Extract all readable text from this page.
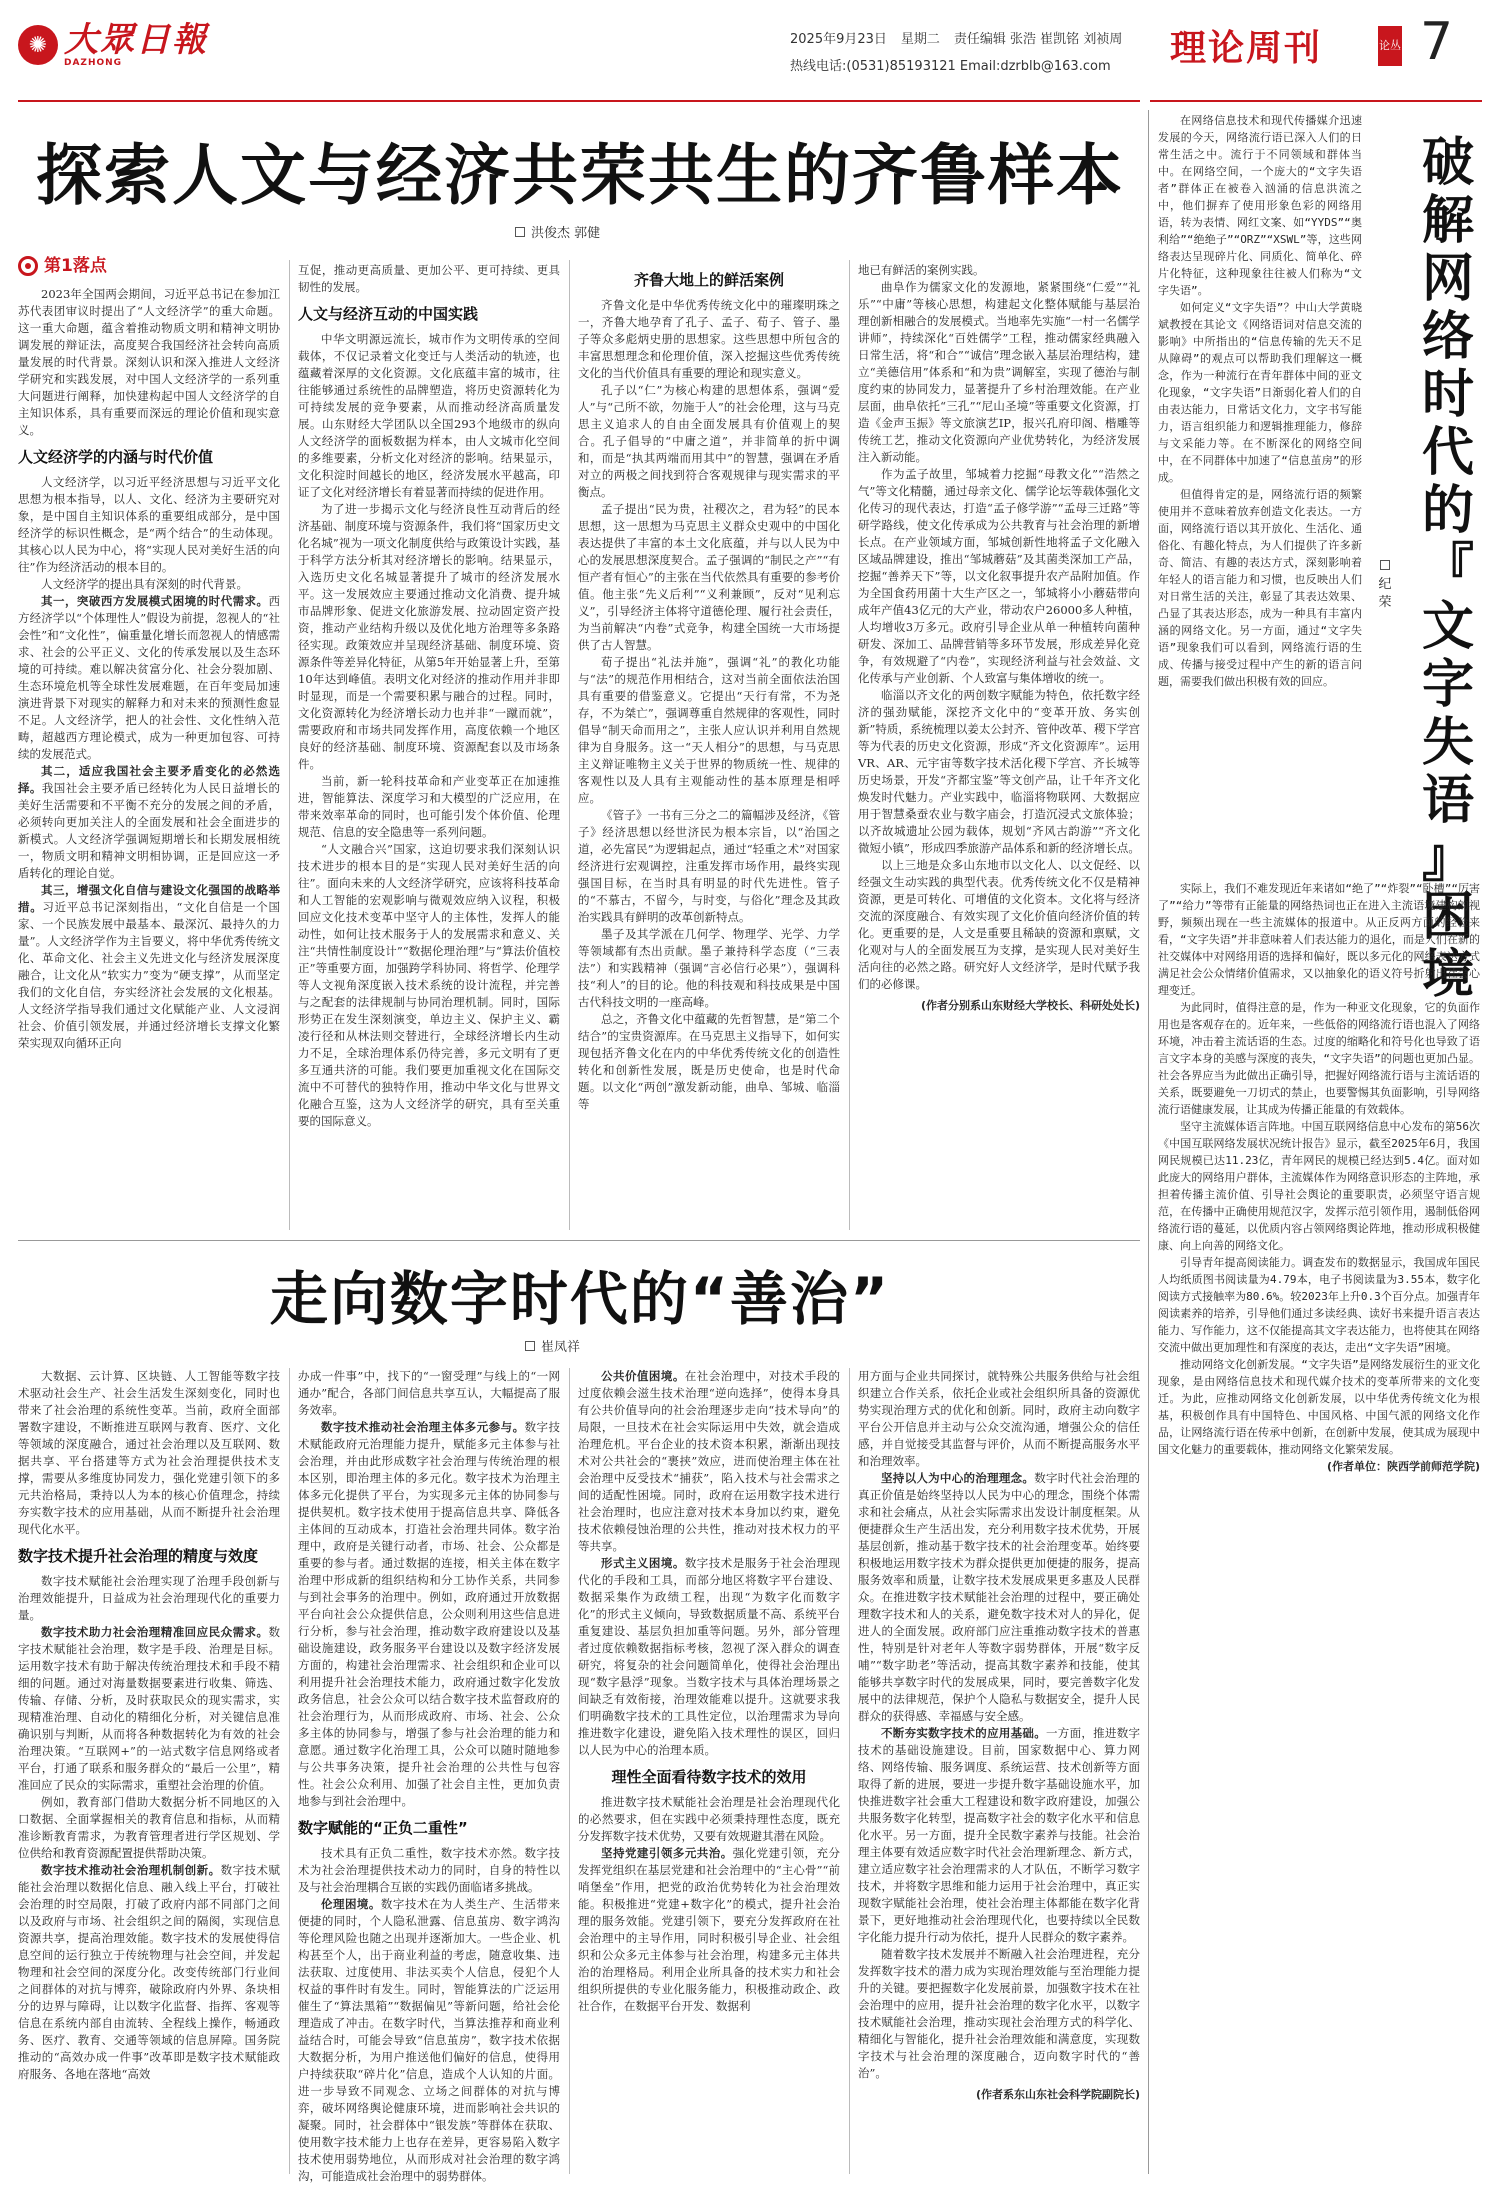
✺ 大眾日報
DAZHONG
2025年9月23日 星期二 责任编辑 张浩 崔凯铭 刘祯周
热线电话:(0531)85193121 Email:dzrblb@163.com	理论周刊	论丛 7
探索人文与经济共荣共生的齐鲁样本
洪俊杰 郭健
第1落点

2023年全国两会期间，习近平总书记在参加江苏代表团审议时提出了“人文经济学”的重大命题。这一重大命题，蕴含着推动物质文明和精神文明协调发展的辩证法，高度契合我国经济社会转向高质量发展的时代背景。深刻认识和深入推进人文经济学研究和实践发展，对中国人文经济学的一系列重大问题进行阐释，加快建构起中国人文经济学的自主知识体系，具有重要而深远的理论价值和现实意义。

人文经济学的内涵与时代价值

人文经济学，以习近平经济思想与习近平文化思想为根本指导，以人、文化、经济为主要研究对象，是中国自主知识体系的重要组成部分，是中国经济学的标识性概念，是“两个结合”的生动体现。其核心以人民为中心，将“实现人民对美好生活的向往”作为经济活动的根本目的。

人文经济学的提出具有深刻的时代背景。

其一，突破西方发展模式困境的时代需求。西方经济学以“个体理性人”假设为前提，忽视人的“社会性”和“文化性”，偏重量化增长而忽视人的情感需求、社会的公平正义、文化的传承发展以及生态环境的可持续。难以解决贫富分化、社会分裂加剧、生态环境危机等全球性发展难题，在百年变局加速演进背景下对现实的解释力和对未来的预测性愈显不足。人文经济学，把人的社会性、文化性纳入范畴，超越西方理论模式，成为一种更加包容、可持续的发展范式。

其二，适应我国社会主要矛盾变化的必然选择。我国社会主要矛盾已经转化为人民日益增长的美好生活需要和不平衡不充分的发展之间的矛盾，必须转向更加关注人的全面发展和社会全面进步的新模式。人文经济学强调短期增长和长期发展相统一，物质文明和精神文明相协调，正是回应这一矛盾转化的理论自觉。

其三，增强文化自信与建设文化强国的战略举措。习近平总书记深刻指出，“文化自信是一个国家、一个民族发展中最基本、最深沉、最持久的力量”。人文经济学作为主旨要义，将中华优秀传统文化、革命文化、社会主义先进文化与经济发展深度融合，让文化从“软实力”变为“硬支撑”，从而坚定我们的文化自信，夯实经济社会发展的文化根基。人文经济学指导我们通过文化赋能产业、人文浸润社会、价值引领发展，并通过经济增长支撑文化繁荣实现双向循环正向

互促，推动更高质量、更加公平、更可持续、更具韧性的发展。

人文与经济互动的中国实践

中华文明源远流长，城市作为文明传承的空间载体，不仅记录着文化变迁与人类活动的轨迹，也蕴藏着深厚的文化资源。文化底蕴丰富的城市，往往能够通过系统性的品牌塑造，将历史资源转化为可持续发展的竞争要素，从而推动经济高质量发展。山东财经大学团队以全国293个地级市的纵向人文经济学的面板数据为样本，由人文城市化空间的多维要素，分析文化对经济的影响。结果显示，文化积淀时间越长的地区，经济发展水平越高，印证了文化对经济增长有着显著而持续的促进作用。

为了进一步揭示文化与经济良性互动背后的经济基础、制度环境与资源条件，我们将“国家历史文化名城”视为一项文化制度供给与政策设计实践，基于科学方法分析其对经济增长的影响。结果显示，入选历史文化名城显著提升了城市的经济发展水平。这一发展效应主要通过推动文化消费、提升城市品牌形象、促进文化旅游发展、拉动固定资产投资，推动产业结构升级以及优化地方治理等多条路径实现。政策效应并呈现经济基础、制度环境、资源条件等差异化特征，从第5年开始显著上升，至第10年达到峰值。表明文化对经济的推动作用并非即时显现，而是一个需要积累与融合的过程。同时，文化资源转化为经济增长动力也并非“一蹴而就”，需要政府和市场共同发挥作用，高度依赖一个地区良好的经济基础、制度环境、资源配套以及市场条件。

当前，新一轮科技革命和产业变革正在加速推进，智能算法、深度学习和大模型的广泛应用，在带来效率革命的同时，也可能引发个体价值、伦理规范、信息的安全隐患等一系列问题。

“人文融合兴”国家，这迫切要求我们深刻认识技术进步的根本目的是“实现人民对美好生活的向往”。面向未来的人文经济学研究，应该将科技革命和人工智能的宏观影响与微观效应纳入议程，积极回应文化技术变革中坚守人的主体性，发挥人的能动性，如何让技术服务于人的发展需求和意义、关注“共情性制度设计”“数据伦理治理”与“算法价值校正”等重要方面，加强跨学科协同、将哲学、伦理学等人文视角深度嵌入技术系统的设计流程，并完善与之配套的法律规制与协同治理机制。同时，国际形势正在发生深刻演变，单边主义、保护主义、霸凌行径和从林法则交替进行，全球经济增长内生动力不足，全球治理体系仍待完善，多元文明有了更多互通共济的可能。我们要更加重视文化在国际交流中不可替代的独特作用，推动中华文化与世界文化融合互鉴，这为人文经济学的研究，具有至关重要的国际意义。

齐鲁大地上的鲜活案例

齐鲁文化是中华优秀传统文化中的璀璨明珠之一，齐鲁大地孕育了孔子、孟子、荀子、管子、墨子等众多彪炳史册的思想家。这些思想中所包含的丰富思想理念和伦理价值，深入挖掘这些优秀传统文化的当代价值具有重要的理论和现实意义。

孔子以“仁”为核心构建的思想体系，强调“爱人”与“己所不欲，勿施于人”的社会伦理，这与马克思主义追求人的自由全面发展具有价值观上的契合。孔子倡导的“中庸之道”，并非简单的折中调和，而是“执其两端而用其中”的智慧，强调在矛盾对立的两极之间找到符合客观规律与现实需求的平衡点。

孟子提出“民为贵，社稷次之，君为轻”的民本思想，这一思想为马克思主义群众史观中的中国化表达提供了丰富的本土文化底蕴，并与以人民为中心的发展思想深度契合。孟子强调的“制民之产”“有恒产者有恒心”的主张在当代依然具有重要的参考价值。他主张“先义后利”“义利兼顾”，反对“见利忘义”，引导经济主体将守道德伦理、履行社会责任，为当前解决“内卷”式竞争，构建全国统一大市场提供了古人智慧。

荀子提出“礼法并施”，强调“礼”的教化功能与“法”的规范作用相结合，这对当前全面依法治国具有重要的借鉴意义。它提出“天行有常，不为尧存，不为桀亡”，强调尊重自然规律的客观性，同时倡导“制天命而用之”，主张人应认识并利用自然规律为自身服务。这一“天人相分”的思想，与马克思主义辩证唯物主义关于世界的物质统一性、规律的客观性以及人具有主观能动性的基本原理是相呼应。

《管子》一书有三分之二的篇幅涉及经济，《管子》经济思想以经世济民为根本宗旨，以“治国之道，必先富民”为逻辑起点，通过“轻重之术”对国家经济进行宏观调控，注重发挥市场作用，最终实现强国目标，在当时具有明显的时代先进性。管子的“不慕古，不留今，与时变，与俗化”理念及其政治实践具有鲜明的改革创新特点。

墨子及其学派在几何学、物理学、光学、力学等领域都有杰出贡献。墨子兼持科学态度（“三表法”）和实践精神（强调“言必信行必果”），强调科技“利人”的目的论。他的科技观和科技成果是中国古代科技文明的一座高峰。

总之，齐鲁文化中蕴藏的先哲智慧，是“第二个结合”的宝贵资源库。在马克思主义指导下，如何实现包括齐鲁文化在内的中华优秀传统文化的创造性转化和创新性发展，既是历史使命，也是时代命题。以文化“两创”激发新动能，曲阜、邹城、临淄等

地已有鲜活的案例实践。

曲阜作为儒家文化的发源地，紧紧围绕“仁爱”“礼乐”“中庸”等核心思想，构建起文化整体赋能与基层治理创新相融合的发展模式。当地率先实施“一村一名儒学讲师”，持续深化“百姓儒学”工程，推动儒家经典融入日常生活，将“和合”“诚信”理念嵌入基层治理结构，建立“美德信用”体系和“和为贵”调解室，实现了德治与制度约束的协同发力，显著提升了乡村治理效能。在产业层面，曲阜依托“三孔”“尼山圣境”等重要文化资源，打造《金声玉振》等文旅演艺IP，报兴孔府印阁、楷雕等传统工艺，推动文化资源向产业优势转化，为经济发展注入新动能。

作为孟子故里，邹城着力挖掘“母教文化”“浩然之气”等文化精髓，通过母亲文化、儒学论坛等载体强化文化传习的现代表达，打造“孟子修学游”“孟母三迁路”等研学路线，使文化传承成为公共教育与社会治理的新增长点。在产业领域方面，邹城创新性地将孟子文化融入区域品牌建设，推出“邹城蘑菇”及其菌类深加工产品，挖掘“善养天下”等，以文化叙事提升农产品附加值。作为全国食药用菌十大生产区之一，邹城将小小蘑菇带向成年产值43亿元的大产业，带动农户26000多人种植，人均增收3万多元。政府引导企业从单一种植转向菌种研发、深加工、品牌营销等多环节发展，形成差异化竞争，有效规避了“内卷”，实现经济利益与社会效益、文化传承与产业创新、个人致富与集体增收的统一。

临淄以齐文化的两创数字赋能为特色，依托数字经济的强劲赋能，深挖齐文化中的“变革开放、务实创新”特质，系统梳理以姜太公封齐、管仲改革、稷下学宫等为代表的历史文化资源，形成“齐文化资源库”。运用VR、AR、元宇宙等数字技术活化稷下学宫、齐长城等历史场景，开发“齐都宝鉴”等文创产品，让千年齐文化焕发时代魅力。产业实践中，临淄将物联网、大数据应用于智慧桑蚕农业与数字庙会，打造沉浸式文旅体验；以齐故城遗址公园为载体，规划“齐风古韵游”“齐文化微短小镇”，形成四季旅游产品体系和新的经济增长点。

以上三地是众多山东地市以文化人、以文促经、以经强文生动实践的典型代表。优秀传统文化不仅是精神资源，更是可转化、可增值的文化资本。文化将与经济交流的深度融合、有效实现了文化价值向经济价值的转化。更重要的是，人文是重要且稀缺的资源和禀赋，文化观对与人的全面发展互为支撑，是实现人民对美好生活向往的必然之路。研究好人文经济学，是时代赋予我们的必修课。

(作者分别系山东财经大学校长、科研处处长)
走向数字时代的“善治”
崔凤祥

大数据、云计算、区块链、人工智能等数字技术驱动社会生产、社会生活发生深刻变化，同时也带来了社会治理的系统性变革。当前，政府全面部署数字建设，不断推进互联网与教育、医疗、文化等领域的深度融合，通过社会治理以及互联网、数据共享、平台搭建等方式为社会治理提供技术支撑，需要从多维度协同发力，强化党建引领下的多元共治格局，秉持以人为本的核心价值理念，持续夯实数字技术的应用基础，从而不断提升社会治理现代化水平。

数字技术提升社会治理的精度与效度

数字技术赋能社会治理实现了治理手段创新与治理效能提升，日益成为社会治理现代化的重要力量。

数字技术助力社会治理精准回应民众需求。数字技术赋能社会治理，数字是手段、治理是目标。运用数字技术有助于解决传统治理技术和手段不精细的问题。通过对海量数据要素进行收集、筛选、传输、存储、分析，及时获取民众的现实需求，实现精准治理、自动化的精细化分析，对关键信息准确识别与判断，从而将各种数据转化为有效的社会治理决策。“互联网+”的一站式数字信息网络或者平台，打通了联系和服务群众的“最后一公里”，精准回应了民众的实际需求，重塑社会治理的价值。

例如，教育部门借助大数据分析不同地区的入口数据、全面掌握相关的教育信息和指标，从而精准诊断教育需求，为教育管理者进行学区规划、学位供给和教育资源配置提供帮助决策。

数字技术推动社会治理机制创新。数字技术赋能社会治理以数据化信息、融入线上平台，打破社会治理的时空局限，打破了政府内部不同部门之间以及政府与市场、社会组织之间的隔阂，实现信息资源共享，提高治理效能。数字技术的发展使得信息空间的运行独立于传统物理与社会空间，并发起物理和社会空间的深度分化。改变传统部门行业间之间群体的对抗与博弈，破除政府内外界、条块相分的边界与障碍，让以数字化监督、指挥、客观等信息在系统内部自由流转、全程线上操作，畅通政务、医疗、教育、交通等领域的信息屏障。国务院推动的“高效办成一件事”改革即是数字技术赋能政府服务、各地在落地“高效

办成一件事”中，找下的“一窗受理”与线上的“一网通办”配合，各部门间信息共享互认，大幅提高了服务效率。

数字技术推动社会治理主体多元参与。数字技术赋能政府元治理能力提升，赋能多元主体参与社会治理，并由此形成数字社会治理与传统治理的根本区别，即治理主体的多元化。数字技术为治理主体多元化提供了平台，为实现多元主体的协同参与提供契机。数字技术使用于提高信息共享、降低各主体间的互动成本，打造社会治理共同体。数字治理中，政府是关键行动者，市场、社会、公众都是重要的参与者。通过数据的连接，相关主体在数字治理中形成新的组织结构和分工协作关系，共同参与到社会事务的治理中。例如，政府通过开放数据平台向社会公众提供信息，公众则利用这些信息进行分析，参与社会治理，推动数字政府建设以及基础设施建设，政务服务平台建设以及数字经济发展方面的，构建社会治理需求、社会组织和企业可以利用提升社会治理技术能力，政府通过数字化发放政务信息，社会公众可以结合数字技术监督政府的社会治理行为，从而形成政府、市场、社会、公众多主体的协同参与，增强了参与社会治理的能力和意愿。通过数字化治理工具，公众可以随时随地参与公共事务决策，提升社会治理的公共性与包容性。社会公众利用、加强了社会自主性，更加负责地参与到社会治理中。

数字赋能的“正负二重性”

技术具有正负二重性，数字技术亦然。数字技术为社会治理提供技术动力的同时，自身的特性以及与社会治理耦合互嵌的实践仍面临诸多挑战。

伦理困境。数字技术在为人类生产、生活带来便捷的同时，个人隐私泄露、信息茧房、数字鸿沟等伦理风险也随之出现并逐渐加大。一些企业、机构甚至个人，出于商业利益的考虑，随意收集、违法获取、过度使用、非法买卖个人信息，侵犯个人权益的事件时有发生。同时，智能算法的广泛运用催生了“算法黑箱”“数据偏见”等新问题，给社会伦理造成了冲击。在数字时代，当算法推荐和商业利益结合时，可能会导致“信息茧房”，数字技术依据大数据分析，为用户推送他们偏好的信息，使得用户持续获取“碎片化”信息，造成个人认知的片面。进一步导致不同观念、立场之间群体的对抗与博弈，破坏网络舆论健康环境，进而影响社会共识的凝聚。同时，社会群体中“银发族”等群体在获取、使用数字技术能力上也存在差异，更容易陷入数字技术使用弱势地位，从而形成对社会治理的数字鸿沟，可能造成社会治理中的弱势群体。

公共价值困境。在社会治理中，对技术手段的过度依赖会滋生技术治理“逆向选择”，使得本身具有公共价值导向的社会治理逐步走向“技术导向”的局限，一旦技术在社会实际运用中失效，就会造成治理危机。平台企业的技术资本积累，渐渐出现技术对公共社会的“裹挟”效应，进而使治理主体在社会治理中反受技术“捕获”，陷入技术与社会需求之间的适配性困境。同时，政府在运用数字技术进行社会治理时，也应注意对技术本身加以约束，避免技术依赖侵蚀治理的公共性，推动对技术权力的平等共享。

形式主义困境。数字技术是服务于社会治理现代化的手段和工具，而部分地区将数字平台建设、数据采集作为政绩工程，出现“为数字化而数字化”的形式主义倾向，导致数据质量不高、系统平台重复建设、基层负担加重等问题。另外，部分管理者过度依赖数据指标考核，忽视了深入群众的调查研究，将复杂的社会问题简单化，使得社会治理出现“数字悬浮”现象。当数字技术与具体治理场景之间缺乏有效衔接，治理效能难以提升。这就要求我们明确数字技术的工具性定位，以治理需求为导向推进数字化建设，避免陷入技术理性的误区，回归以人民为中心的治理本质。

理性全面看待数字技术的效用

推进数字技术赋能社会治理是社会治理现代化的必然要求，但在实践中必须秉持理性态度，既充分发挥数字技术优势，又要有效规避其潜在风险。

坚持党建引领多元共治。强化党建引领，充分发挥党组织在基层党建和社会治理中的“主心骨”“前哨堡垒”作用，把党的政治优势转化为社会治理效能。积极推进“党建+数字化”的模式，提升社会治理的服务效能。党建引领下，要充分发挥政府在社会治理中的主导作用，同时积极引导企业、社会组织和公众多元主体参与社会治理，构建多元主体共治的治理格局。利用企业所具备的技术实力和社会组织所提供的专业化服务能力，积极推动政企、政社合作，在数据平台开发、数据利

用方面与企业共同探讨，就特殊公共服务供给与社会组织建立合作关系，依托企业或社会组织所具备的资源优势实现治理方式的优化和创新。同时，政府主动向数字平台公开信息并主动与公众交流沟通，增强公众的信任感，并自觉接受其监督与评价，从而不断提高服务水平和治理效率。

坚持以人为中心的治理理念。数字时代社会治理的真正价值是始终坚持以人民为中心的理念，围绕个体需求和社会痛点，从社会实际需求出发设计制度框架。从便捷群众生产生活出发，充分利用数字技术优势，开展基层创新，推动基于数字技术的社会治理变革。始终要积极地运用数字技术为群众提供更加便捷的服务，提高服务效率和质量，让数字技术发展成果更多惠及人民群众。在推进数字技术赋能社会治理的过程中，要正确处理数字技术和人的关系，避免数字技术对人的异化，促进人的全面发展。政府部门应注重推动数字技术的普惠性，特别是针对老年人等数字弱势群体，开展“数字反哺”“数字助老”等活动，提高其数字素养和技能，使其能够共享数字时代的发展成果，同时，要完善数字化发展中的法律规范，保护个人隐私与数据安全，提升人民群众的获得感、幸福感与安全感。

不断夯实数字技术的应用基础。一方面，推进数字技术的基础设施建设。目前，国家数据中心、算力网络、网络传输、服务调度、系统运营、技术创新等方面取得了新的进展，要进一步提升数字基础设施水平，加快推进数字社会重大工程建设和数字政府建设，加强公共服务数字化转型，提高数字社会的数字化水平和信息化水平。另一方面，提升全民数字素养与技能。社会治理主体要有效适应数字时代社会治理新理念、新方式，建立适应数字社会治理需求的人才队伍，不断学习数字技术，并将数字思维和能力运用于社会治理中，真正实现数字赋能社会治理，使社会治理主体都能在数字化背景下，更好地推动社会治理现代化，也要持续以全民数字化能力提升行动为依托，提升人民群众的数字素养。

随着数字技术发展并不断融入社会治理进程，充分发挥数字技术的潜力成为实现治理效能与至治理能力提升的关键。要把握数字化发展前景，加强数字技术在社会治理中的应用，提升社会治理的数字化水平，以数字技术赋能社会治理，推动实现社会治理方式的科学化、精细化与智能化，提升社会治理效能和满意度，实现数字技术与社会治理的深度融合，迈向数字时代的“善治”。

(作者系东山东社会科学院副院长)
破
解
网
络
时
代
的
『
文
字
失
语
』
困
境
纪
荣

在网络信息技术和现代传播媒介迅速发展的今天，网络流行语已深入人们的日常生活之中。流行于不同领域和群体当中。在网络空间，一个庞大的“文字失语者”群体正在被卷入汹涌的信息洪流之中，他们摒弃了使用形象色彩的网络用语，转为表情、网红文案、如“YYDS”“奥利给”“绝绝子”“ORZ”“XSWL”等，这些网络表达呈现碎片化、同质化、简单化、碎片化特征，这种现象往往被人们称为“文字失语”。

如何定义“文字失语”？中山大学黄晓斌教授在其论文《网络语词对信息交流的影响》中所指出的“信息传输的先天不足从障碍”的观点可以帮助我们理解这一概念，作为一种流行在青年群体中间的亚文化现象，“文字失语”日渐弱化着人们的自由表达能力，日常话文化力，文字书写能力，语言组织能力和逻辑推理能力，修辞与文采能力等。在不断深化的网络空间中，在不同群体中加速了“信息茧房”的形成。

但值得肯定的是，网络流行语的频繁使用并不意味着放弃创造文化表达。一方面，网络流行语以其开放化、生活化、通俗化、有趣化特点，为人们提供了许多新奇、简洁、有趣的表达方式，深刻影响着年轻人的语言能力和习惯，也反映出人们对日常生活的关注，彰显了其表达效果、凸显了其表达形态，成为一种具有丰富内涵的网络文化。另一方面，通过“文字失语”现象我们可以看到，网络流行语的生成、传播与接受过程中产生的新的语言问题，需要我们做出积极有效的回应。

实际上，我们不难发现近年来诸如“绝了”“炸裂”“卧槽”“厉害了”“给力”等带有正能量的网络热词也正在进入主流语境建构的视野，频频出现在一些主流媒体的报道中。从正反两方面的经验来看，“文字失语”并非意味着人们表达能力的退化，而是人们在新的社交媒体中对网络用语的选择和偏好，既以多元化的网络表达方式满足社会公众情绪价值需求，又以抽象化的语义符号折射出社会心理变迁。

为此同时，值得注意的是，作为一种亚文化现象，它的负面作用也是客观存在的。近年来，一些低俗的网络流行语也混入了网络环境，冲击着主流话语的生态。过度的缩略化和符号化也导致了语言文字本身的美感与深度的丧失，“文字失语”的问题也更加凸显。社会各界应当为此做出正确引导，把握好网络流行语与主流话语的关系，既要避免一刀切式的禁止，也要警惕其负面影响，引导网络流行语健康发展，让其成为传播正能量的有效载体。

坚守主流媒体语言阵地。中国互联网络信息中心发布的第56次《中国互联网络发展状况统计报告》显示，截至2025年6月，我国网民规模已达11.23亿，青年网民的规模已经达到5.4亿。面对如此庞大的网络用户群体，主流媒体作为网络意识形态的主阵地，承担着传播主流价值、引导社会舆论的重要职责，必须坚守语言规范，在传播中正确使用规范汉字，发挥示范引领作用，遏制低俗网络流行语的蔓延，以优质内容占领网络舆论阵地，推动形成积极健康、向上向善的网络文化。

引导青年提高阅读能力。调查发布的数据显示，我国成年国民人均纸质图书阅读量为4.79本，电子书阅读量为3.55本，数字化阅读方式接触率为80.6%。较2023年上升0.3个百分点。加强青年阅读素养的培养，引导他们通过多读经典、读好书来提升语言表达能力、写作能力，这不仅能提高其文字表达能力，也将使其在网络交流中做出更加理性和有深度的表达，走出“文字失语”困境。

推动网络文化创新发展。“文字失语”是网络发展衍生的亚文化现象，是由网络信息技术和现代媒介技术的变革所带来的文化变迁。为此，应推动网络文化创新发展，以中华优秀传统文化为根基，积极创作具有中国特色、中国风格、中国气派的网络文化作品，让网络流行语在传承中创新，在创新中发展，使其成为展现中国文化魅力的重要载体，推动网络文化繁荣发展。

(作者单位：陕西学前师范学院)
